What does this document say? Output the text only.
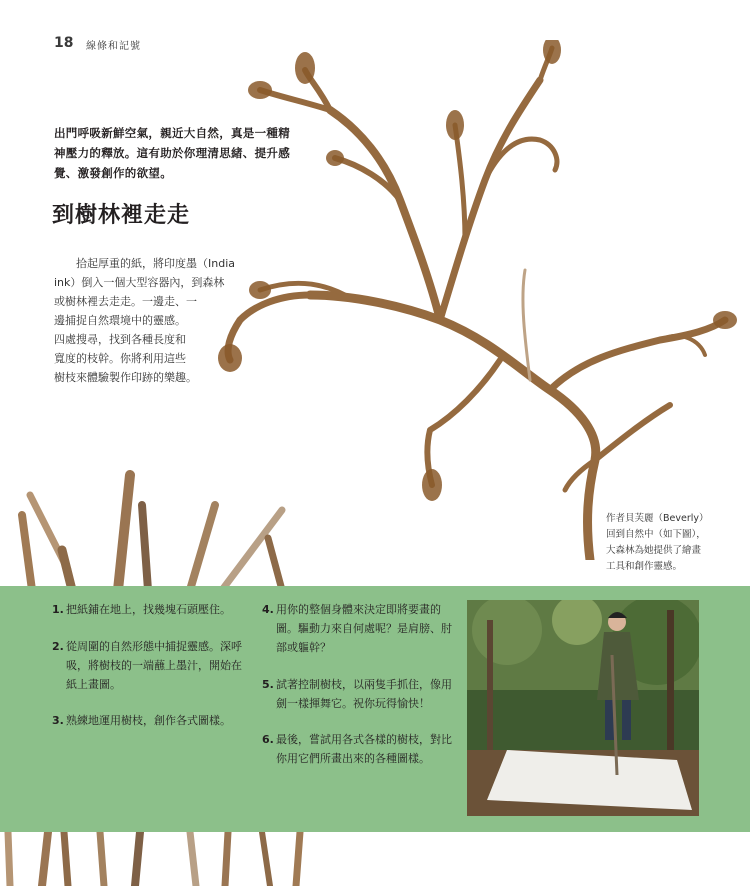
18 線條和記號
出門呼吸新鮮空氣，親近大自然，真是一種精神壓力的釋放。這有助於你理清思緒、提升感覺、激發創作的欲望。
到樹林裡走走
　　拾起厚重的紙，將印度墨（India
ink）倒入一個大型容器內，到森林
或樹林裡去走走。一邊走、一
邊捕捉自然環境中的靈感。
四處搜尋，找到各種長度和
寬度的枝幹。你將利用這些
樹枝來體驗製作印跡的樂趣。
作者貝芙麗（Beverly）
回到自然中（如下圖），
大森林為她提供了繪畫
工具和創作靈感。
1. 把紙鋪在地上，找幾塊石頭壓住。
2. 從周圍的自然形態中捕捉靈感。深呼吸，將樹枝的一端蘸上墨汁，開始在紙上畫圖。
3. 熟練地運用樹枝，創作各式圖樣。
4. 用你的整個身體來決定即將要畫的圖。驅動力來自何處呢？是肩膀、肘部或軀幹？
5. 試著控制樹枝，以兩隻手抓住，像用劍一樣揮舞它。祝你玩得愉快！
6. 最後，嘗試用各式各樣的樹枝，對比你用它們所畫出來的各種圖樣。
